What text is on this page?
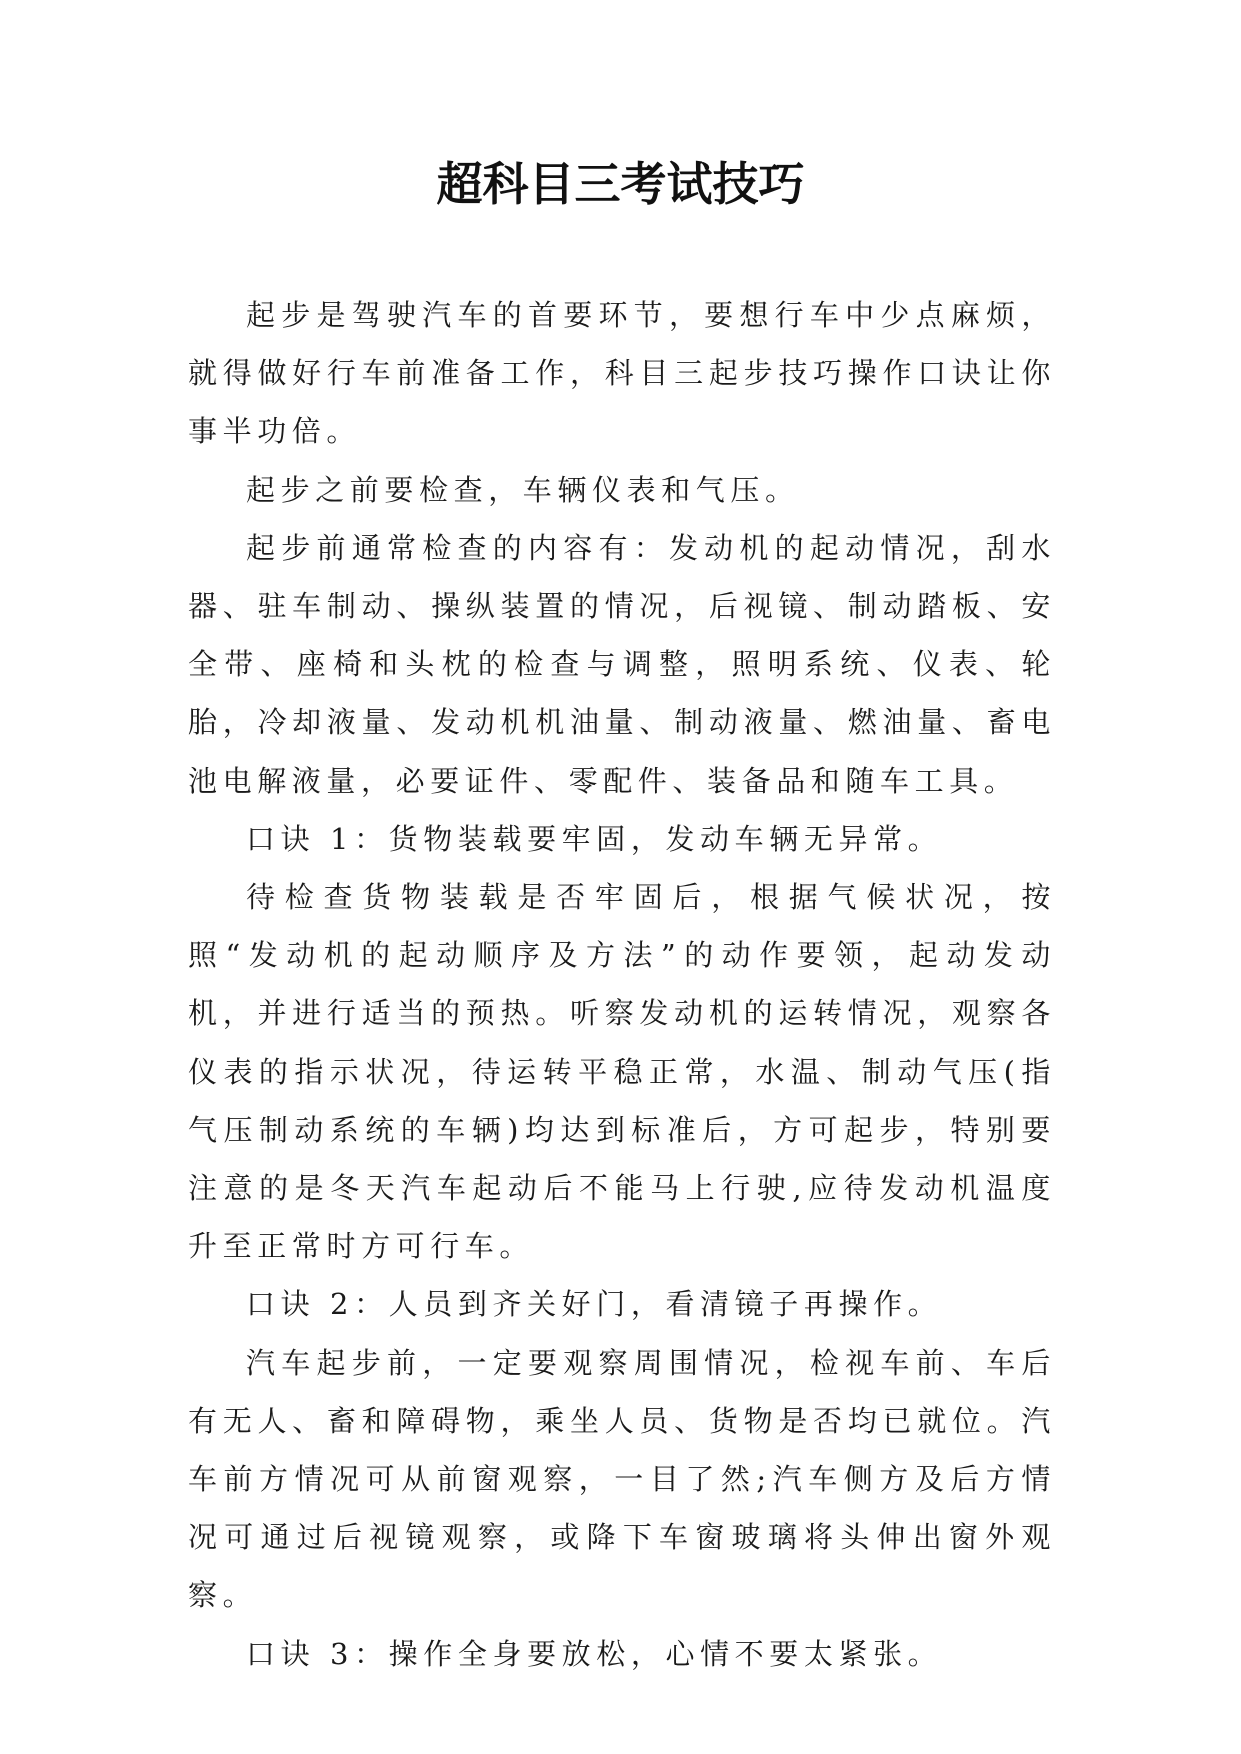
超科目三考试技巧

起步是驾驶汽车的首要环节，要想行车中少点麻烦，就得做好行车前准备工作，科目三起步技巧操作口诀让你事半功倍。

起步之前要检查，车辆仪表和气压。

起步前通常检查的内容有：发动机的起动情况，刮水器、驻车制动、操纵装置的情况，后视镜、制动踏板、安全带、座椅和头枕的检查与调整，照明系统、仪表、轮胎，冷却液量、发动机机油量、制动液量、燃油量、畜电池电解液量，必要证件、零配件、装备品和随车工具。

口诀 1：货物装载要牢固，发动车辆无异常。

待检查货物装载是否牢固后，根据气候状况，按照“发动机的起动顺序及方法”的动作要领，起动发动机，并进行适当的预热。听察发动机的运转情况，观察各仪表的指示状况，待运转平稳正常，水温、制动气压(指气压制动系统的车辆)均达到标准后，方可起步，特别要注意的是冬天汽车起动后不能马上行驶,应待发动机温度升至正常时方可行车。

口诀 2：人员到齐关好门，看清镜子再操作。

汽车起步前，一定要观察周围情况，检视车前、车后有无人、畜和障碍物，乘坐人员、货物是否均已就位。汽车前方情况可从前窗观察，一目了然;汽车侧方及后方情况可通过后视镜观察，或降下车窗玻璃将头伸出窗外观察。

口诀 3：操作全身要放松，心情不要太紧张。
